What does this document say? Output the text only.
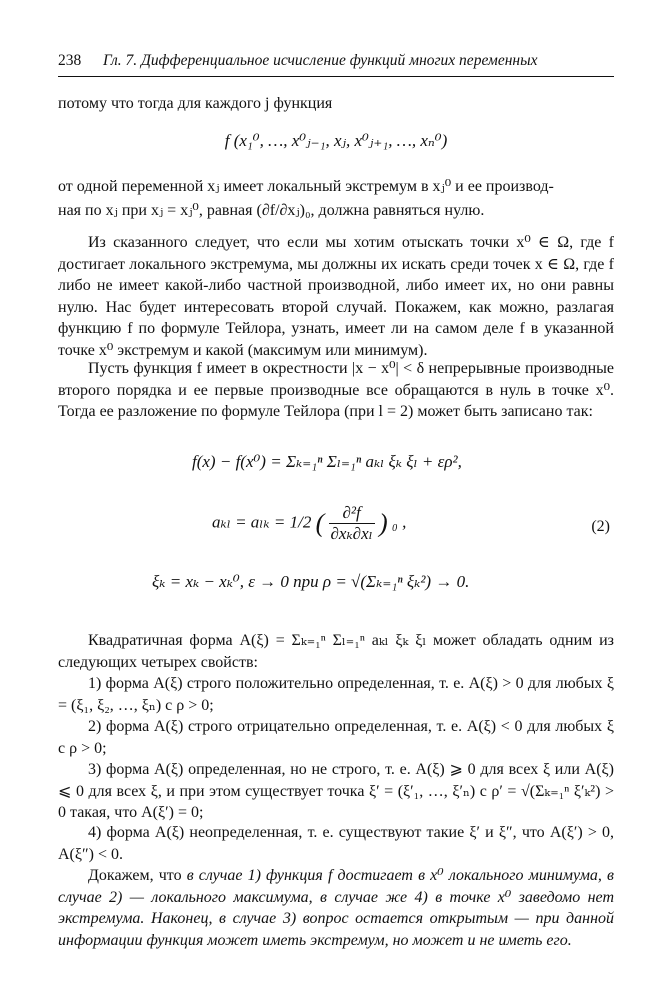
238 Гл. 7. Дифференциальное исчисление функций многих переменных
потому что тогда для каждого j функция
f (x₁⁰, …, x⁰ⱼ₋₁, xⱼ, x⁰ⱼ₊₁, …, xₙ⁰)
от одной переменной xⱼ имеет локальный экстремум в xⱼ⁰ и ее производ-
ная по xⱼ при xⱼ = xⱼ⁰, равная (∂f/∂xⱼ)₀, должна равняться нулю.
Из сказанного следует, что если мы хотим отыскать точки x⁰ ∈ Ω, где f достигает локального экстремума, мы должны их искать среди точек x ∈ Ω, где f либо не имеет какой-либо частной производной, либо имеет их, но они равны нулю. Нас будет интересовать второй случай. Покажем, как можно, разлагая функцию f по формуле Тейлора, узнать, имеет ли на самом деле f в указанной точке x⁰ экстремум и какой (максимум или минимум).
Пусть функция f имеет в окрестности |x − x⁰| < δ непрерывные производные второго порядка и ее первые производные все обращаются в нуль в точке x⁰. Тогда ее разложение по формуле Тейлора (при l = 2) может быть записано так:
f(x) − f(x⁰) = Σₖ₌₁ⁿ Σₗ₌₁ⁿ aₖₗ ξₖ ξₗ + ερ²,
aₖₗ = aₗₖ = 1/2 ( $\frac{\text{∂²f}}{\text{∂xₖ∂xₗ}}$ ) ₀ ,	(2)
ξₖ = xₖ − xₖ⁰, ε → 0 при ρ = √(Σₖ₌₁ⁿ ξₖ²) → 0.
Квадратичная форма A(ξ) = Σₖ₌₁ⁿ Σₗ₌₁ⁿ aₖₗ ξₖ ξₗ может обладать одним из следующих четырех свойств:
1) форма A(ξ) строго положительно определенная, т. е. A(ξ) > 0 для любых ξ = (ξ₁, ξ₂, …, ξₙ) с ρ > 0;
2) форма A(ξ) строго отрицательно определенная, т. е. A(ξ) < 0 для любых ξ с ρ > 0;
3) форма A(ξ) определенная, но не строго, т. е. A(ξ) ⩾ 0 для всех ξ или A(ξ) ⩽ 0 для всех ξ, и при этом существует точка ξ′ = (ξ′₁, …, ξ′ₙ) с ρ′ = √(Σₖ₌₁ⁿ ξ′ₖ²) > 0 такая, что A(ξ′) = 0;
4) форма A(ξ) неопределенная, т. е. существуют такие ξ′ и ξ″, что A(ξ′) > 0, A(ξ″) < 0.
Докажем, что в случае 1) функция f достигает в x⁰ локального минимума, в случае 2) — локального максимума, в случае же 4) в точке x⁰ заведомо нет экстремума. Наконец, в случае 3) вопрос остается открытым — при данной информации функция может иметь экстремум, но может и не иметь его.
